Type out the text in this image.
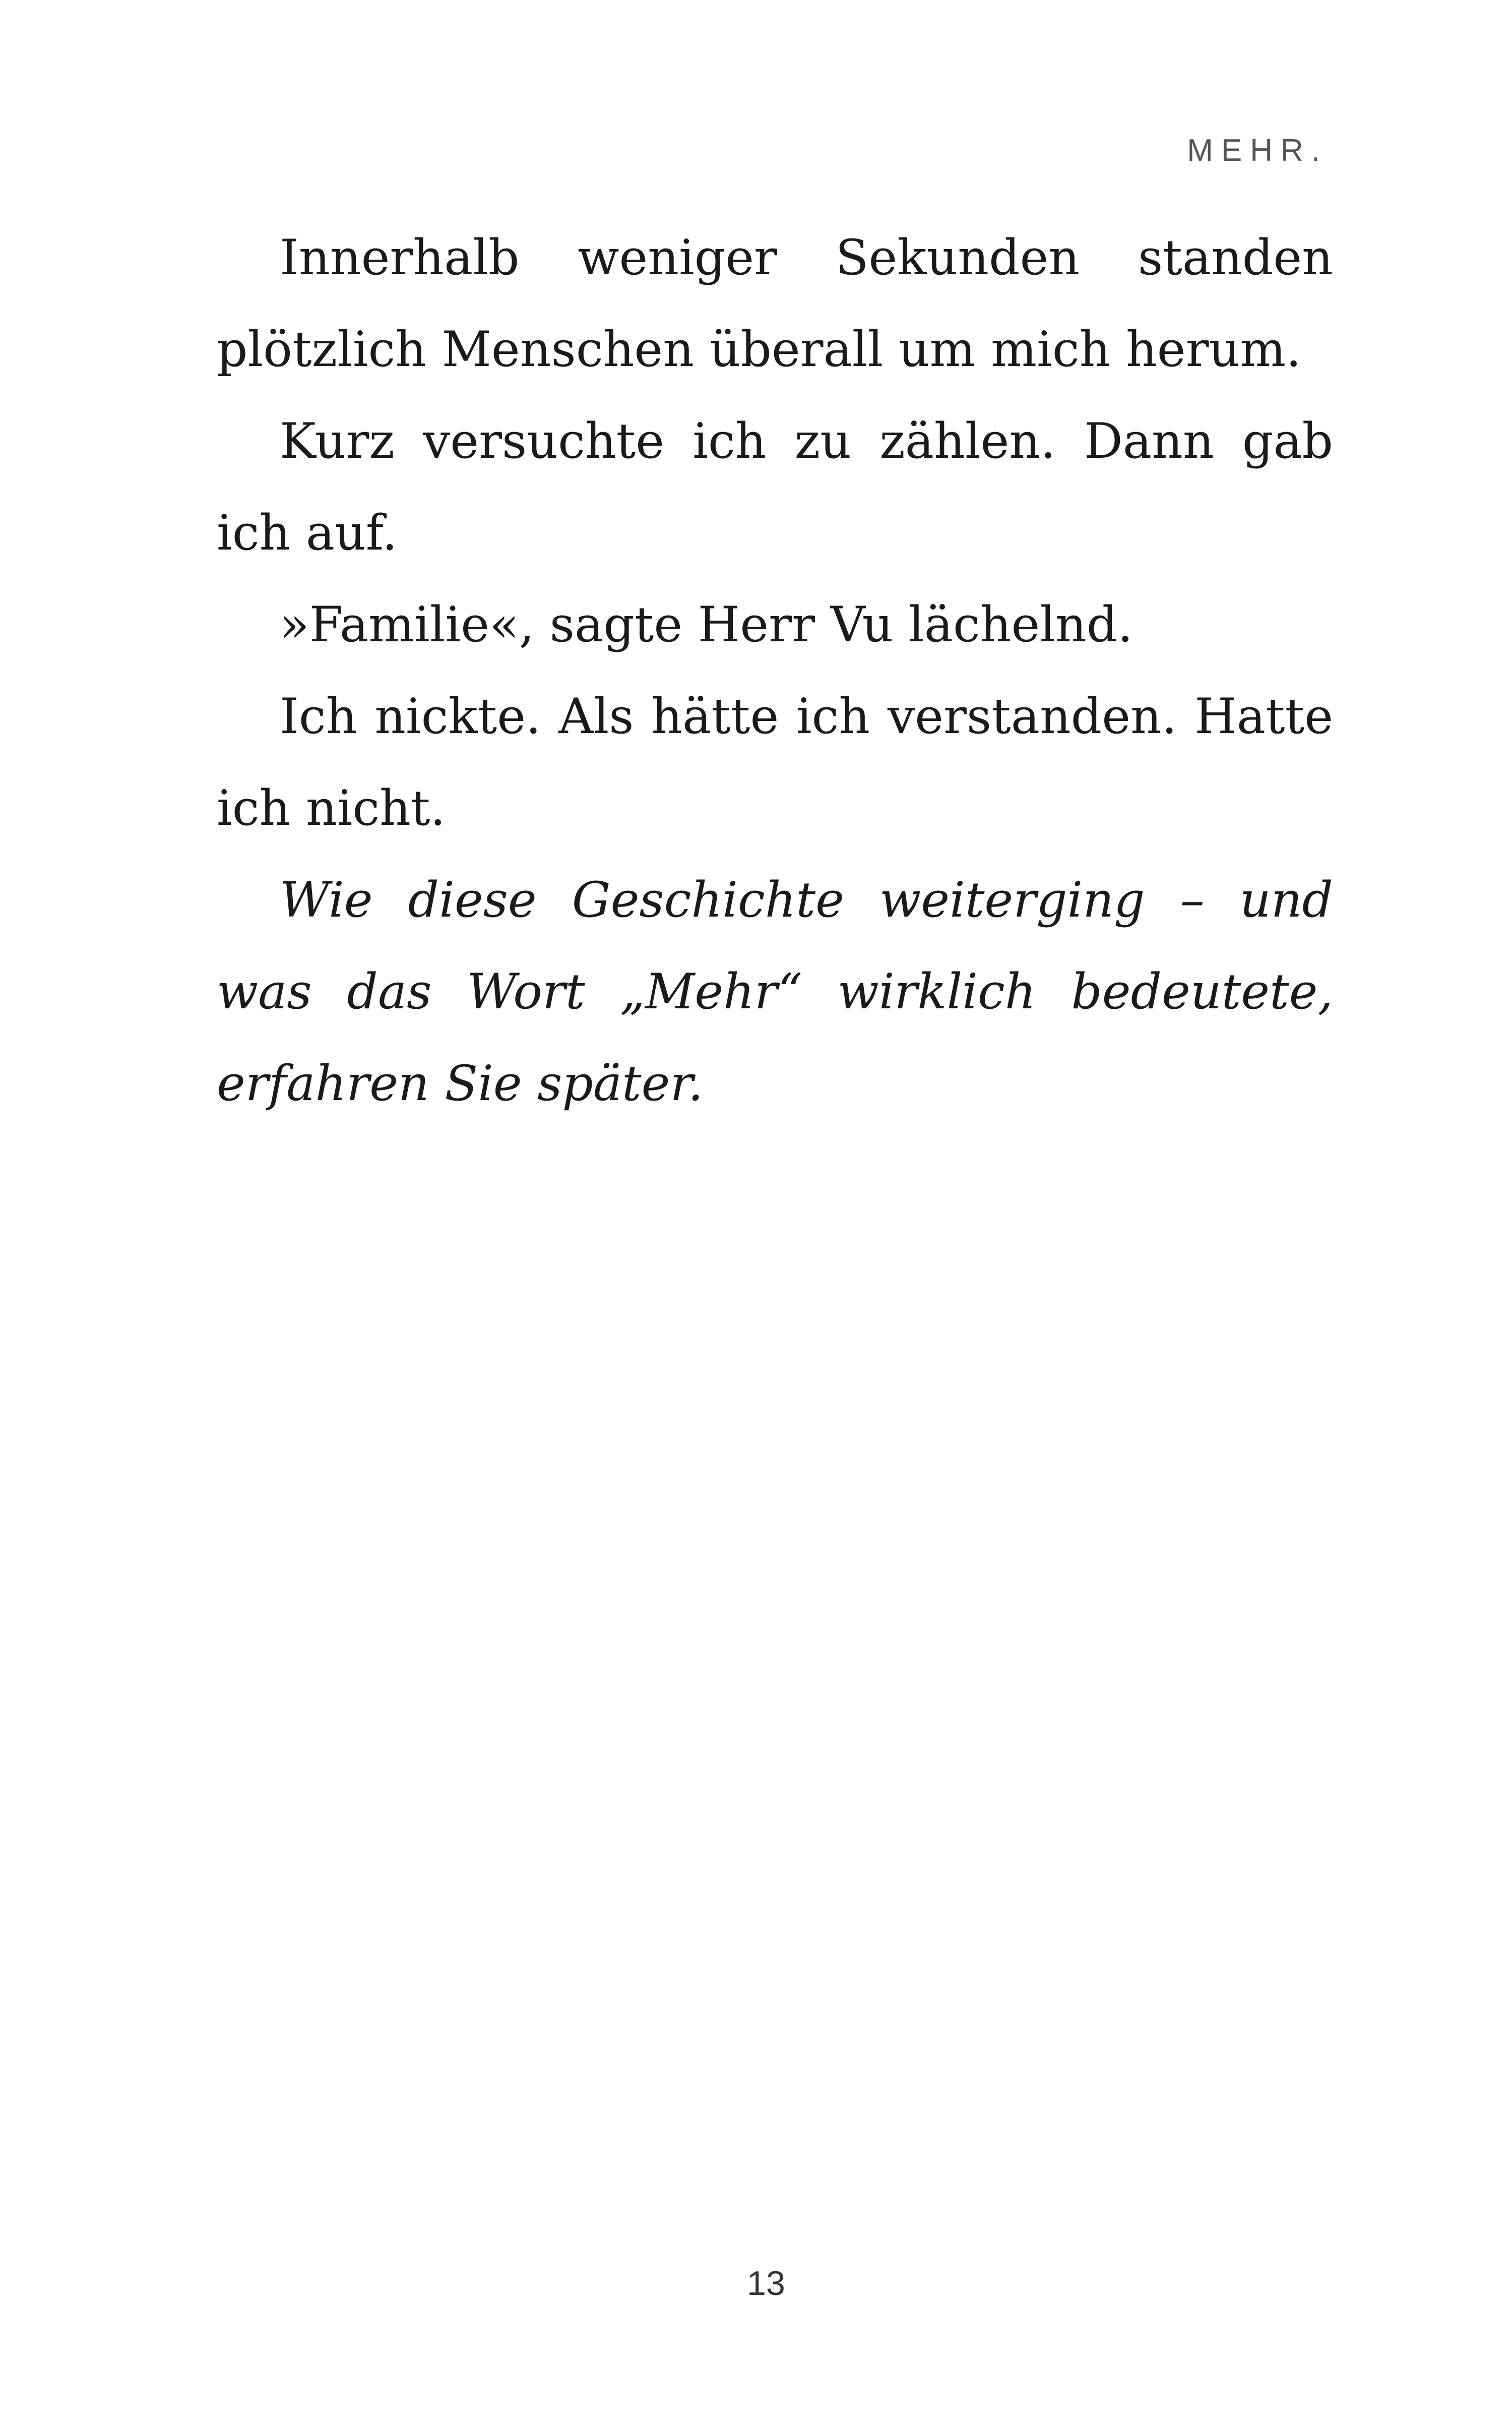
MEHR.

Innerhalb weniger Sekunden standen plötzlich Menschen überall um mich herum.

Kurz versuchte ich zu zählen. Dann gab ich auf.

»Familie«, sagte Herr Vu lächelnd.

Ich nickte. Als hätte ich verstanden. Hatte ich nicht.

Wie diese Geschichte weiterging – und was das Wort „Mehr“ wirklich bedeutete, erfahren Sie später.

13
